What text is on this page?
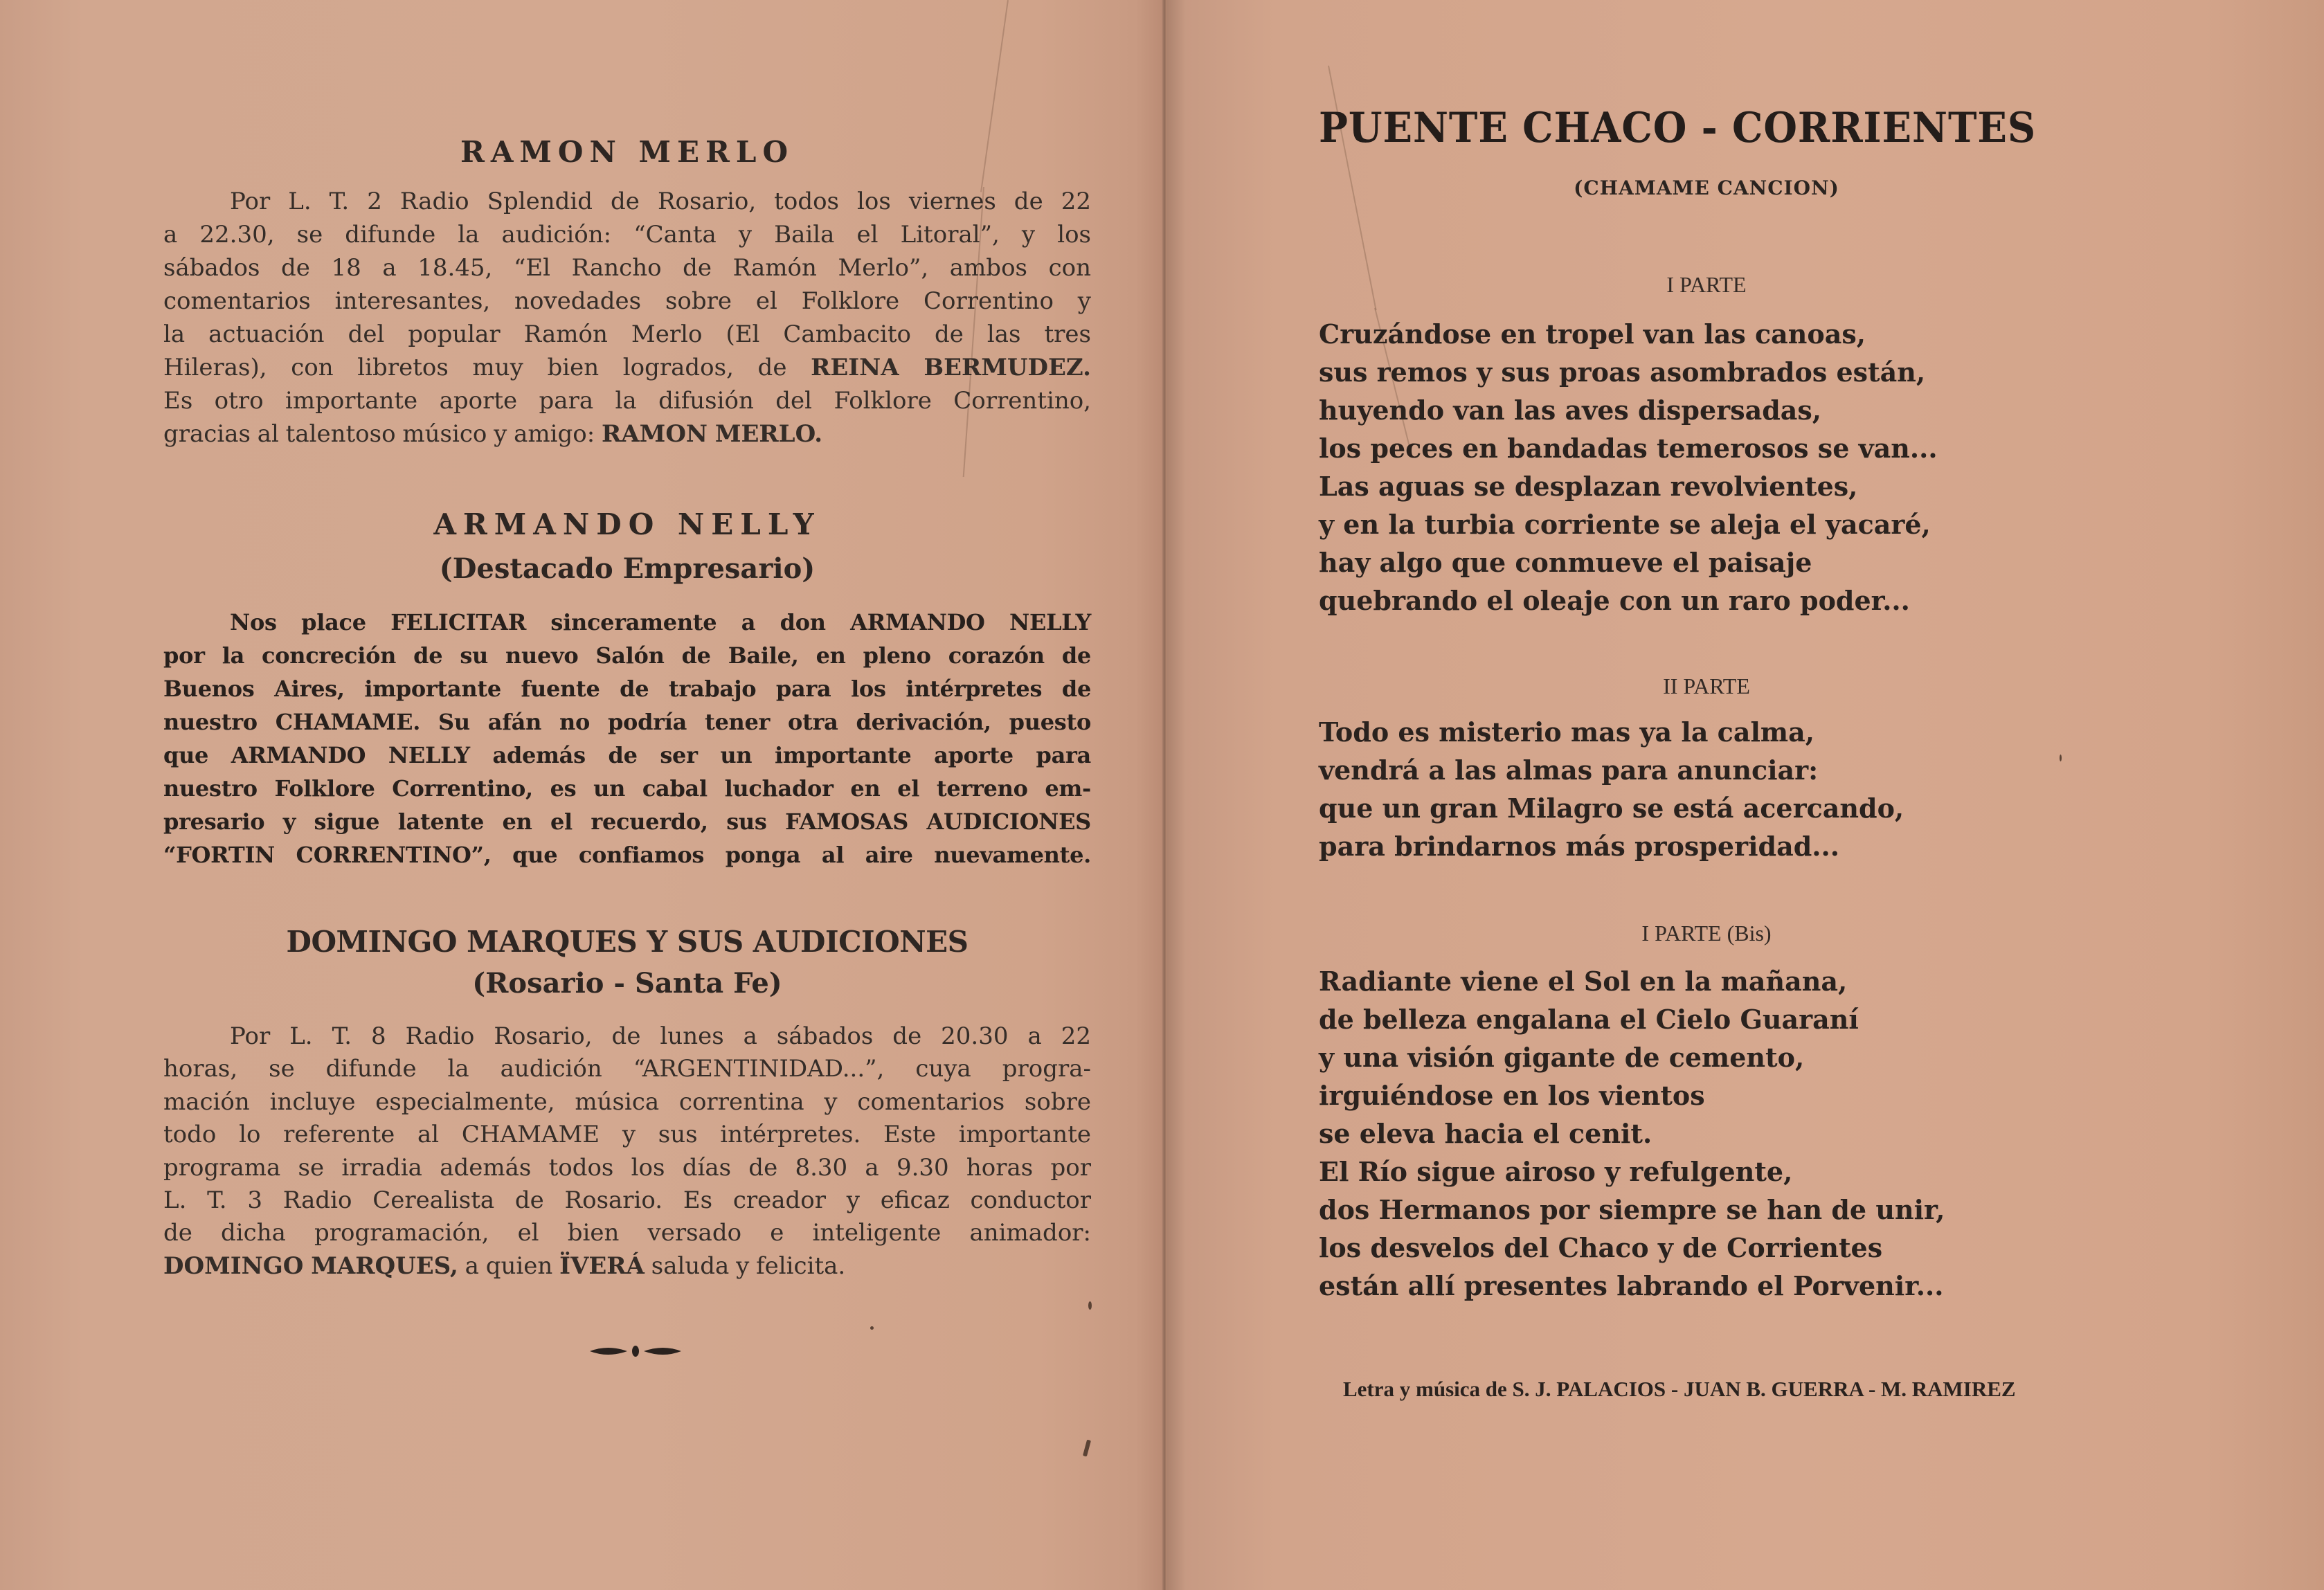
RAMON MERLO
Por L. T. 2 Radio Splendid de Rosario, todos los viernes de 22
a 22.30, se difunde la audición: “Canta y Baila el Litoral”, y los
sábados de 18 a 18.45, “El Rancho de Ramón Merlo”, ambos con
comentarios interesantes, novedades sobre el Folklore Correntino y
la actuación del popular Ramón Merlo (El Cambacito de las tres
Hileras), con libretos muy bien logrados, de REINA BERMUDEZ.
Es otro importante aporte para la difusión del Folklore Correntino,
gracias al talentoso músico y amigo: RAMON MERLO.
ARMANDO NELLY
(Destacado Empresario)
Nos place FELICITAR sinceramente a don ARMANDO NELLY
por la concreción de su nuevo Salón de Baile, en pleno corazón de
Buenos Aires, importante fuente de trabajo para los intérpretes de
nuestro CHAMAME. Su afán no podría tener otra derivación, puesto
que ARMANDO NELLY además de ser un importante aporte para
nuestro Folklore Correntino, es un cabal luchador en el terreno em-
presario y sigue latente en el recuerdo, sus FAMOSAS AUDICIONES
“FORTIN CORRENTINO”, que confiamos ponga al aire nuevamente.
DOMINGO MARQUES Y SUS AUDICIONES
(Rosario - Santa Fe)
Por L. T. 8 Radio Rosario, de lunes a sábados de 20.30 a 22
horas, se difunde la audición “ARGENTINIDAD...”, cuya progra-
mación incluye especialmente, música correntina y comentarios sobre
todo lo referente al CHAMAME y sus intérpretes. Este importante
programa se irradia además todos los días de 8.30 a 9.30 horas por
L. T. 3 Radio Cerealista de Rosario. Es creador y eficaz conductor
de dicha programación, el bien versado e inteligente animador:
DOMINGO MARQUES, a quien ÏVERÁ saluda y felicita.
PUENTE CHACO - CORRIENTES
(CHAMAME CANCION)
I PARTE
Cruzándose en tropel van las canoas,
sus remos y sus proas asombrados están,
huyendo van las aves dispersadas,
los peces en bandadas temerosos se van...
Las aguas se desplazan revolvientes,
y en la turbia corriente se aleja el yacaré,
hay algo que conmueve el paisaje
quebrando el oleaje con un raro poder...
II PARTE
Todo es misterio mas ya la calma,
vendrá a las almas para anunciar:
que un gran Milagro se está acercando,
para brindarnos más prosperidad...
I PARTE (Bis)
Radiante viene el Sol en la mañana,
de belleza engalana el Cielo Guaraní
y una visión gigante de cemento,
irguiéndose en los vientos
se eleva hacia el cenit.
El Río sigue airoso y refulgente,
dos Hermanos por siempre se han de unir,
los desvelos del Chaco y de Corrientes
están allí presentes labrando el Porvenir...
Letra y música de S. J. PALACIOS - JUAN B. GUERRA - M. RAMIREZ
